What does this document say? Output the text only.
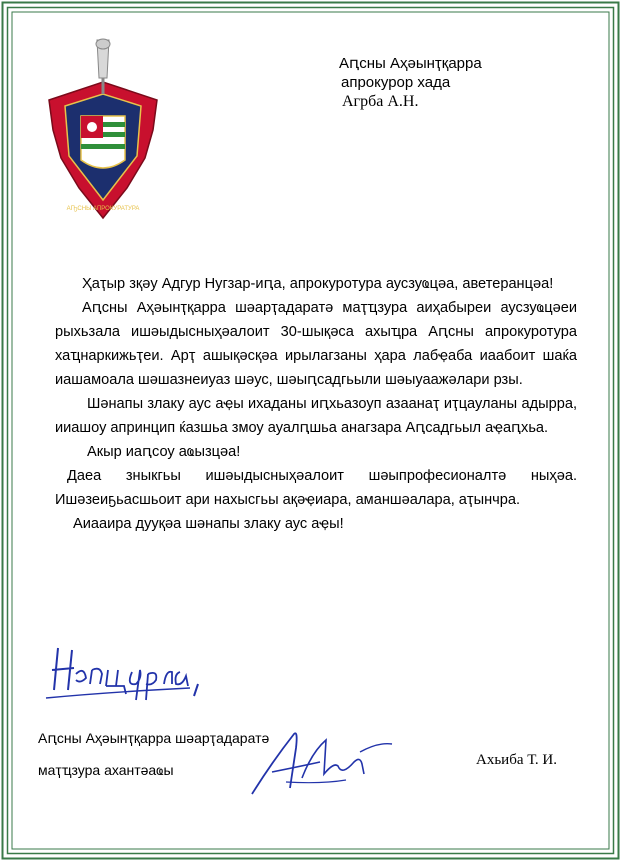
АҦСНЫ АПРОКУРАТУРА
Аԥсны Аҳәынҭқарра
апрокурор хада
Агрба А.Н.

Ҳаҭыр зқәу Адгур Нугзар-иԥа, апрокуротура аусзуҩцәа, аветеранцәа!

Аԥсны Аҳәынҭқарра шәарҭадаратә маҭҵзура аиҳабыреи аусзуҩцәеи рыхьзала ишәыдысныҳәалоит 30-шықәса ахыҵра Аԥсны апрокуротура хаҵнаркижьҭеи. Арҭ ашықәсқәа ирылагзаны ҳара лабҿаба иаабоит шаќа иашамоала шәшазнеиуаз шәус, шәыԥсадгьыли шәыуаажәлари рзы.

Шәнапы злаку аус аҿы ихаданы иԥхьазоуп азаанаҭ иҭцауланы адырра, ииашоу апринцип ќазшьа змоу ауалԥшьа анагзара Аԥсадгьыл аҿаԥхьа.

Акыр иаԥсоу аҩызцәа!

Даеа зныкгьы ишәыдысныҳәалоит шәыпрофесионалтә ныҳәа. Ишәзеиҕьасшьоит ари нахысгьы ақәҿиара, аманшәалара, аҭынчра.

Аиааира дууқәа шәнапы злаку аус аҿы!

Аԥсны Аҳәынҭқарра шәарҭадаратә
маҭҵзура ахантәаҩы
Ахьиба Т. И.
